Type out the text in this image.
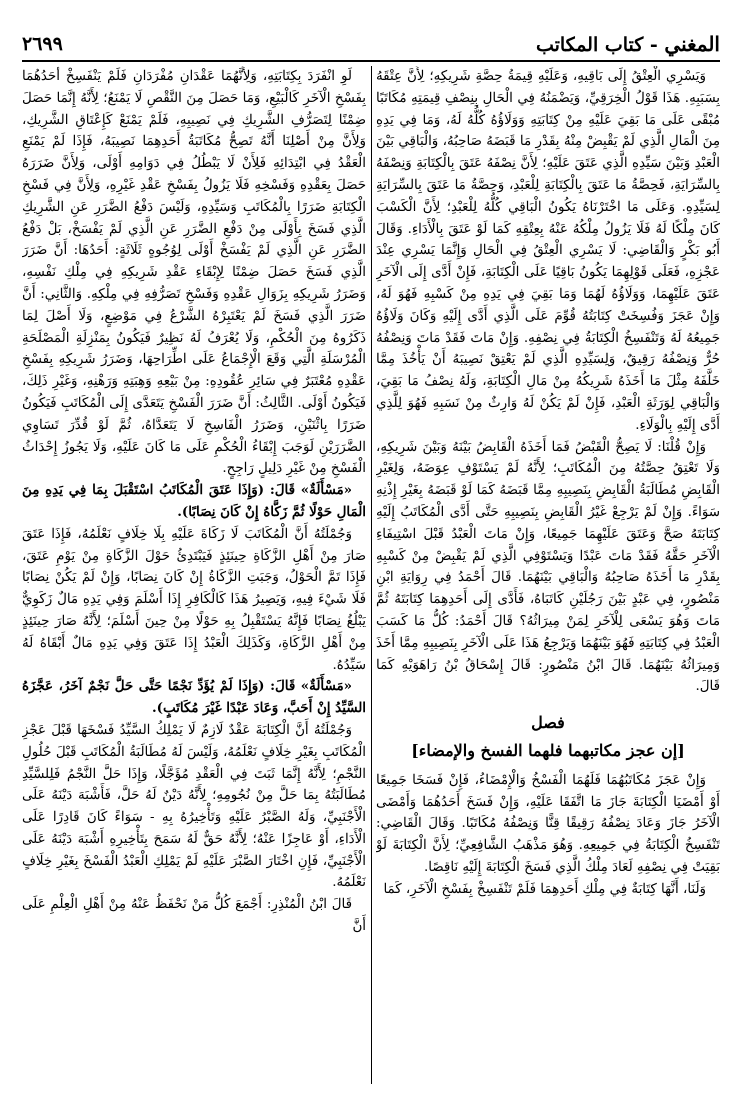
المغني - كتاب المكاتب
٢٦٩٩

وَيَسْرِي الْعِتْقُ إِلَى بَاقِيهِ، وَعَلَيْهِ قِيمَةُ حِصَّةِ شَرِيكِهِ؛ لِأَنَّ عِتْقَهُ بِسَبَبِهِ. هَذَا قَوْلُ الْخِرَقِيِّ، وَيَضْمَنُهُ فِي الْحَالِ بِنِصْفِ قِيمَتِهِ مُكَاتَبًا مُبْقًى عَلَى مَا بَقِيَ عَلَيْهِ مِنْ كِتَابَتِهِ وَوَلَاؤُهُ كُلُّهُ لَهُ، وَمَا فِي يَدِهِ مِنَ الْمَالِ الَّذِي لَمْ يَقْبِضْ مِنْهُ بِقَدْرِ مَا قَبَضَهُ صَاحِبُهُ، وَالْبَاقِي بَيْنَ الْعَبْدِ وَبَيْنَ سَيِّدِهِ الَّذِي عَتَقَ عَلَيْهِ؛ لِأَنَّ نِصْفَهُ عَتَقَ بِالْكِتَابَةِ وَنِصْفَهُ بِالسِّرَايَةِ، فَحِصَّةُ مَا عَتَقَ بِالْكِتَابَةِ لِلْعَبْدِ، وَحِصَّةُ مَا عَتَقَ بِالسِّرَايَةِ لِسَيِّدِهِ. وَعَلَى مَا اخْتَرْنَاهُ يَكُونُ الْبَاقِي كُلُّهُ لِلْعَبْدِ؛ لِأَنَّ الْكَسْبَ كَانَ مِلْكًا لَهُ فَلَا يَزُولُ مِلْكُهُ عَنْهُ بِعِتْقِهِ كَمَا لَوْ عَتَقَ بِالْأَدَاءِ. وَقَالَ أَبُو بَكْرٍ وَالْقَاضِي: لَا يَسْرِي الْعِتْقُ فِي الْحَالِ وَإِنَّمَا يَسْرِي عِنْدَ عَجْزِهِ، فَعَلَى قَوْلِهِمَا يَكُونُ بَاقِيًا عَلَى الْكِتَابَةِ، فَإِنْ أَدَّى إِلَى الْآخَرِ عَتَقَ عَلَيْهِمَا، وَوَلَاؤُهُ لَهُمَا وَمَا بَقِيَ فِي يَدِهِ مِنْ كَسْبِهِ فَهُوَ لَهُ، وَإِنْ عَجَزَ وَفُسِخَتْ كِتَابَتُهُ قُوِّمَ عَلَى الَّذِي أَدَّى إِلَيْهِ وَكَانَ وَلَاؤُهُ جَمِيعُهُ لَهُ وَتَنْفَسِخُ الْكِتَابَةُ فِي نِصْفِهِ. وَإِنْ مَاتَ فَقَدْ مَاتَ وَنِصْفُهُ حُرٌّ وَنِصْفُهُ رَقِيقٌ، وَلِسَيِّدِهِ الَّذِي لَمْ يَعْتِقْ نَصِيبَهُ أَنْ يَأْخُذَ مِمَّا خَلَّفَهُ مِثْلَ مَا أَخَذَهُ شَرِيكُهُ مِنْ مَالِ الْكِتَابَةِ، وَلَهُ نِصْفُ مَا بَقِيَ، وَالْبَاقِي لِوَرَثَةِ الْعَبْدِ، فَإِنْ لَمْ يَكُنْ لَهُ وَارِثٌ مِنْ نَسَبِهِ فَهُوَ لِلَّذِي أَدَّى إِلَيْهِ بِالْوَلَاءِ.

وَإِنْ قُلْنَا: لَا يَصِحُّ الْقَبْضُ فَمَا أَخَذَهُ الْقَابِضُ بَيْنَهُ وَبَيْنَ شَرِيكِهِ، وَلَا تَعْتِقُ حِصَّتُهُ مِنَ الْمُكَاتَبِ؛ لِأَنَّهُ لَمْ يَسْتَوْفِ عِوَضَهُ، وَلِغَيْرِ الْقَابِضِ مُطَالَبَةُ الْقَابِضِ بِنَصِيبِهِ مِمَّا قَبَضَهُ كَمَا لَوْ قَبَضَهُ بِغَيْرِ إِذْنِهِ سَوَاءً. وَإِنْ لَمْ يَرْجِعْ غَيْرُ الْقَابِضِ بِنَصِيبِهِ حَتَّى أَدَّى الْمُكَاتَبُ إِلَيْهِ كِتَابَتَهُ صَحَّ وَعَتَقَ عَلَيْهِمَا جَمِيعًا، وَإِنْ مَاتَ الْعَبْدُ قَبْلَ اسْتِيفَاءِ الْآخَرِ حَقَّهُ فَقَدْ مَاتَ عَبْدًا وَيَسْتَوْفِي الَّذِي لَمْ يَقْبِضْ مِنْ كَسْبِهِ بِقَدْرِ مَا أَخَذَهُ صَاحِبُهُ وَالْبَاقِي بَيْنَهُمَا. قَالَ أَحْمَدُ فِي رِوَايَةِ ابْنِ مَنْصُورٍ، فِي عَبْدٍ بَيْنَ رَجُلَيْنِ كَاتَبَاهُ، فَأَدَّى إِلَى أَحَدِهِمَا كِتَابَتَهُ ثُمَّ مَاتَ وَهُوَ يَسْعَى لِلْآخَرِ لِمَنْ مِيرَاثُهُ؟ قَالَ أَحْمَدُ: كُلُّ مَا كَسَبَ الْعَبْدُ فِي كِتَابَتِهِ فَهُوَ بَيْنَهُمَا وَيَرْجِعُ هَذَا عَلَى الْآخَرِ بِنَصِيبِهِ مِمَّا أَخَذَ وَمِيرَاثُهُ بَيْنَهُمَا. قَالَ ابْنُ مَنْصُورٍ: قَالَ إِسْحَاقُ بْنُ رَاهَوَيْهِ كَمَا قَالَ.

فصل
[إن عجز مكاتبهما فلهما الفسخ والإمضاء]

وَإِنْ عَجَزَ مُكَاتَبُهُمَا فَلَهُمَا الْفَسْخُ وَالْإِمْضَاءُ، فَإِنْ فَسَخَا جَمِيعًا أَوْ أَمْضَيَا الْكِتَابَةَ جَازَ مَا اتَّفَقَا عَلَيْهِ، وَإِنْ فَسَخَ أَحَدُهُمَا وَأَمْضَى الْآخَرُ جَازَ وَعَادَ نِصْفُهُ رَقِيقًا قِنًّا وَنِصْفُهُ مُكَاتَبًا. وَقَالَ الْقَاضِي: تَنْفَسِخُ الْكِتَابَةُ فِي جَمِيعِهِ. وَهُوَ مَذْهَبُ الشَّافِعِيِّ؛ لِأَنَّ الْكِتَابَةَ لَوْ بَقِيَتْ فِي نِصْفِهِ لَعَادَ مِلْكُ الَّذِي فَسَخَ الْكِتَابَةَ إِلَيْهِ نَاقِصًا.

وَلَنَا، أَنَّهَا كِتَابَةٌ فِي مِلْكِ أَحَدِهِمَا فَلَمْ تَنْفَسِخْ بِفَسْخِ الْآخَرِ، كَمَا

لَوِ انْفَرَدَ بِكِتَابَتِهِ، وَلِأَنَّهُمَا عَقْدَانِ مُفْرَدَانِ فَلَمْ يَنْفَسِخْ أَحَدُهُمَا بِفَسْخِ الْآخَرِ كَالْبَيْعِ، وَمَا حَصَلَ مِنَ النَّقْصِ لَا يَمْنَعُ؛ لِأَنَّهُ إِنَّمَا حَصَلَ ضِمْنًا لِتَصَرُّفِ الشَّرِيكِ فِي نَصِيبِهِ، فَلَمْ يَمْنَعْ كَإِعْتَاقِ الشَّرِيكِ، وَلِأَنَّ مِنْ أَصْلِنَا أَنَّهُ تَصِحُّ مُكَاتَبَةُ أَحَدِهِمَا نَصِيبَهُ، فَإِذَا لَمْ يَمْنَعِ الْعَقْدُ فِي ابْتِدَائِهِ فَلِأَنْ لَا يَبْطُلُ فِي دَوَامِهِ أَوْلَى، وَلِأَنَّ ضَرَرَهُ حَصَلَ بِعَقْدِهِ وَفَسْخِهِ فَلَا يَزُولُ بِفَسْخِ عَقْدِ غَيْرِهِ، وَلِأَنَّ فِي فَسْخِ الْكِتَابَةِ ضَرَرًا بِالْمُكَاتَبِ وَسَيِّدِهِ، وَلَيْسَ دَفْعُ الضَّرَرِ عَنِ الشَّرِيكِ الَّذِي فَسَخَ بِأَوْلَى مِنْ دَفْعِ الضَّرَرِ عَنِ الَّذِي لَمْ يَفْسَخْ، بَلْ دَفْعُ الضَّرَرِ عَنِ الَّذِي لَمْ يَفْسَخْ أَوْلَى لِوُجُوهٍ ثَلَاثَةٍ: أَحَدُهَا: أَنَّ ضَرَرَ الَّذِي فَسَخَ حَصَلَ ضِمْنًا لِإِبْقَاءِ عَقْدِ شَرِيكِهِ فِي مِلْكِ نَفْسِهِ، وَضَرَرُ شَرِيكِهِ بِزَوَالِ عَقْدِهِ وَفَسْخِ تَصَرُّفِهِ فِي مِلْكِهِ. وَالثَّانِي: أَنَّ ضَرَرَ الَّذِي فَسَخَ لَمْ يَعْتَبِرْهُ الشَّرْعُ فِي مَوْضِعٍ، وَلَا أَصْلَ لِمَا ذَكَرُوهُ مِنَ الْحُكْمِ، وَلَا يُعْرَفُ لَهُ نَظِيرٌ فَيَكُونُ بِمَنْزِلَةِ الْمَصْلَحَةِ الْمُرْسَلَةِ الَّتِي وَقَعَ الْإِجْمَاعُ عَلَى اطِّرَاحِهَا، وَضَرَرُ شَرِيكِهِ بِفَسْخِ عَقْدِهِ مُعْتَبَرٌ فِي سَائِرِ عُقُودِهِ: مِنْ بَيْعِهِ وَهِبَتِهِ وَرَهْنِهِ، وَغَيْرِ ذَلِكَ، فَيَكُونُ أَوْلَى. الثَّالِثُ: أَنَّ ضَرَرَ الْفَسْخِ يَتَعَدَّى إِلَى الْمُكَاتَبِ فَيَكُونُ ضَرَرًا بِاثْنَيْنِ، وَضَرَرُ الْفَاسِخِ لَا يَتَعَدَّاهُ، ثُمَّ لَوْ قُدِّرَ تَسَاوِي الضَّرَرَيْنِ لَوَجَبَ إِبْقَاءُ الْحُكْمِ عَلَى مَا كَانَ عَلَيْهِ، وَلَا يَجُوزُ إِحْدَاثُ الْفَسْخِ مِنْ غَيْرِ دَلِيلٍ رَاجِحٍ.

«مَسْأَلَةٌ» قَالَ: (وَإِذَا عَتَقَ الْمُكَاتَبُ اسْتَقْبَلَ بِمَا فِي يَدِهِ مِنَ الْمَالِ حَوْلًا ثُمَّ زَكَّاهُ إِنْ كَانَ نِصَابًا).

وَجُمْلَتُهُ أَنَّ الْمُكَاتَبَ لَا زَكَاةَ عَلَيْهِ بِلَا خِلَافٍ نَعْلَمُهُ، فَإِذَا عَتَقَ صَارَ مِنْ أَهْلِ الزَّكَاةِ حِينَئِذٍ فَيَبْتَدِئُ حَوْلَ الزَّكَاةِ مِنْ يَوْمِ عَتَقَ، فَإِذَا تَمَّ الْحَوْلُ، وَجَبَتِ الزَّكَاةُ إِنْ كَانَ نِصَابًا، وَإِنْ لَمْ يَكُنْ نِصَابًا فَلَا شَيْءَ فِيهِ، وَيَصِيرُ هَذَا كَالْكَافِرِ إِذَا أَسْلَمَ وَفِي يَدِهِ مَالٌ زَكَوِيٌّ يَبْلُغُ نِصَابًا فَإِنَّهُ يَسْتَقْبِلُ بِهِ حَوْلًا مِنْ حِينَ أَسْلَمَ؛ لِأَنَّهُ صَارَ حِينَئِذٍ مِنْ أَهْلِ الزَّكَاةِ، وَكَذَلِكَ الْعَبْدُ إِذَا عَتَقَ وَفِي يَدِهِ مَالٌ أَبْقَاهُ لَهُ سَيِّدُهُ.

«مَسْأَلَةٌ» قَالَ: (وَإِذَا لَمْ يُؤَدِّ نَجْمًا حَتَّى حَلَّ نَجْمٌ آخَرُ، عَجَّزَهُ السَّيِّدُ إِنْ أَحَبَّ، وَعَادَ عَبْدًا غَيْرَ مُكَاتَبٍ).

وَجُمْلَتُهُ أَنَّ الْكِتَابَةَ عَقْدٌ لَازِمٌ لَا يَمْلِكُ السَّيِّدُ فَسْخَهَا قَبْلَ عَجْزِ الْمُكَاتَبِ بِغَيْرِ خِلَافٍ نَعْلَمُهُ، وَلَيْسَ لَهُ مُطَالَبَةُ الْمُكَاتَبِ قَبْلَ حُلُولِ النَّجْمِ؛ لِأَنَّهُ إِنَّمَا ثَبَتَ فِي الْعَقْدِ مُؤَجَّلًا، وَإِذَا حَلَّ النَّجْمُ فَلِلسَّيِّدِ مُطَالَبَتُهُ بِمَا حَلَّ مِنْ نُجُومِهِ؛ لِأَنَّهُ دَيْنٌ لَهُ حَلَّ، فَأَشْبَهَ دَيْنَهُ عَلَى الْأَجْنَبِيِّ، وَلَهُ الصَّبْرُ عَلَيْهِ وَتَأْخِيرُهُ بِهِ - سَوَاءً كَانَ قَادِرًا عَلَى الْأَدَاءِ، أَوْ عَاجِزًا عَنْهُ؛ لِأَنَّهُ حَقٌّ لَهُ سَمَحَ بِتَأْخِيرِهِ أَشْبَهَ دَيْنَهُ عَلَى الْأَجْنَبِيِّ، فَإِنِ اخْتَارَ الصَّبْرَ عَلَيْهِ لَمْ يَمْلِكِ الْعَبْدُ الْفَسْخَ بِغَيْرِ خِلَافٍ نَعْلَمُهُ.

قَالَ ابْنُ الْمُنْذِرِ: أَجْمَعَ كُلُّ مَنْ نَحْفَظُ عَنْهُ مِنْ أَهْلِ الْعِلْمِ عَلَى أَنَّ
